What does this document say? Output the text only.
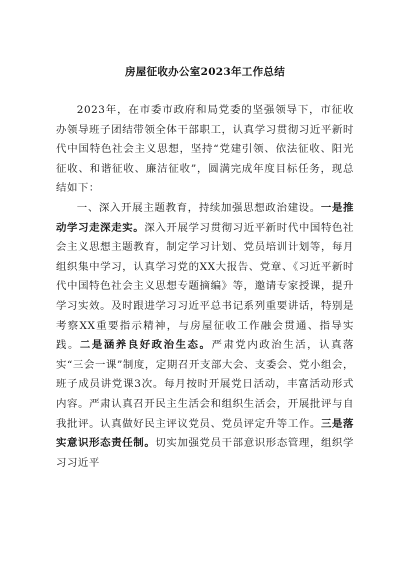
房屋征收办公室2023年工作总结

2023年，在市委市政府和局党委的坚强领导下，市征收办领导班子团结带领全体干部职工，认真学习贯彻习近平新时代中国特色社会主义思想，坚持“党建引领、依法征收、阳光征收、和谐征收、廉洁征收”，圆满完成年度目标任务，现总结如下：

一、深入开展主题教育，持续加强思想政治建设。一是推动学习走深走实。深入开展学习贯彻习近平新时代中国特色社会主义思想主题教育，制定学习计划、党员培训计划等，每月组织集中学习，认真学习党的XX大报告、党章、《习近平新时代中国特色社会主义思想专题摘编》等，邀请专家授课，提升学习实效。及时跟进学习习近平总书记系列重要讲话，特别是考察XX重要指示精神，与房屋征收工作融会贯通、指导实践。二是涵养良好政治生态。严肃党内政治生活，认真落实“三会一课”制度，定期召开支部大会、支委会、党小组会，班子成员讲党课3次。每月按时开展党日活动，丰富活动形式内容。严肃认真召开民主生活会和组织生活会，开展批评与自我批评。认真做好民主评议党员、党员评定升等工作。三是落实意识形态责任制。切实加强党员干部意识形态管理，组织学习习近平
